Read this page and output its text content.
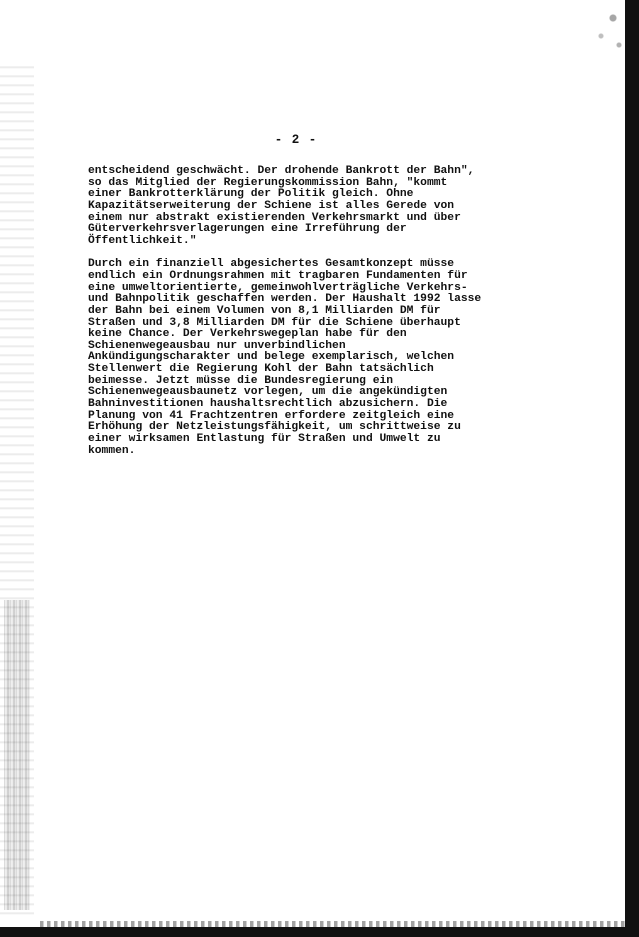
- 2 -

entscheidend geschwächt. Der drohende Bankrott der Bahn",
so das Mitglied der Regierungskommission Bahn, "kommt
einer Bankrotterklärung der Politik gleich. Ohne
Kapazitätserweiterung der Schiene ist alles Gerede von
einem nur abstrakt existierenden Verkehrsmarkt und über
Güterverkehrsverlagerungen eine Irreführung der
Öffentlichkeit."

Durch ein finanziell abgesichertes Gesamtkonzept müsse
endlich ein Ordnungsrahmen mit tragbaren Fundamenten für
eine umweltorientierte, gemeinwohlverträgliche Verkehrs-
und Bahnpolitik geschaffen werden. Der Haushalt 1992 lasse
der Bahn bei einem Volumen von 8,1 Milliarden DM für
Straßen und 3,8 Milliarden DM für die Schiene überhaupt
keine Chance. Der Verkehrswegeplan habe für den
Schienenwegeausbau nur unverbindlichen
Ankündigungscharakter und belege exemplarisch, welchen
Stellenwert die Regierung Kohl der Bahn tatsächlich
beimesse. Jetzt müsse die Bundesregierung ein
Schienenwegeausbaunetz vorlegen, um die angekündigten
Bahninvestitionen haushaltsrechtlich abzusichern. Die
Planung von 41 Frachtzentren erfordere zeitgleich eine
Erhöhung der Netzleistungsfähigkeit, um schrittweise zu
einer wirksamen Entlastung für Straßen und Umwelt zu
kommen.
